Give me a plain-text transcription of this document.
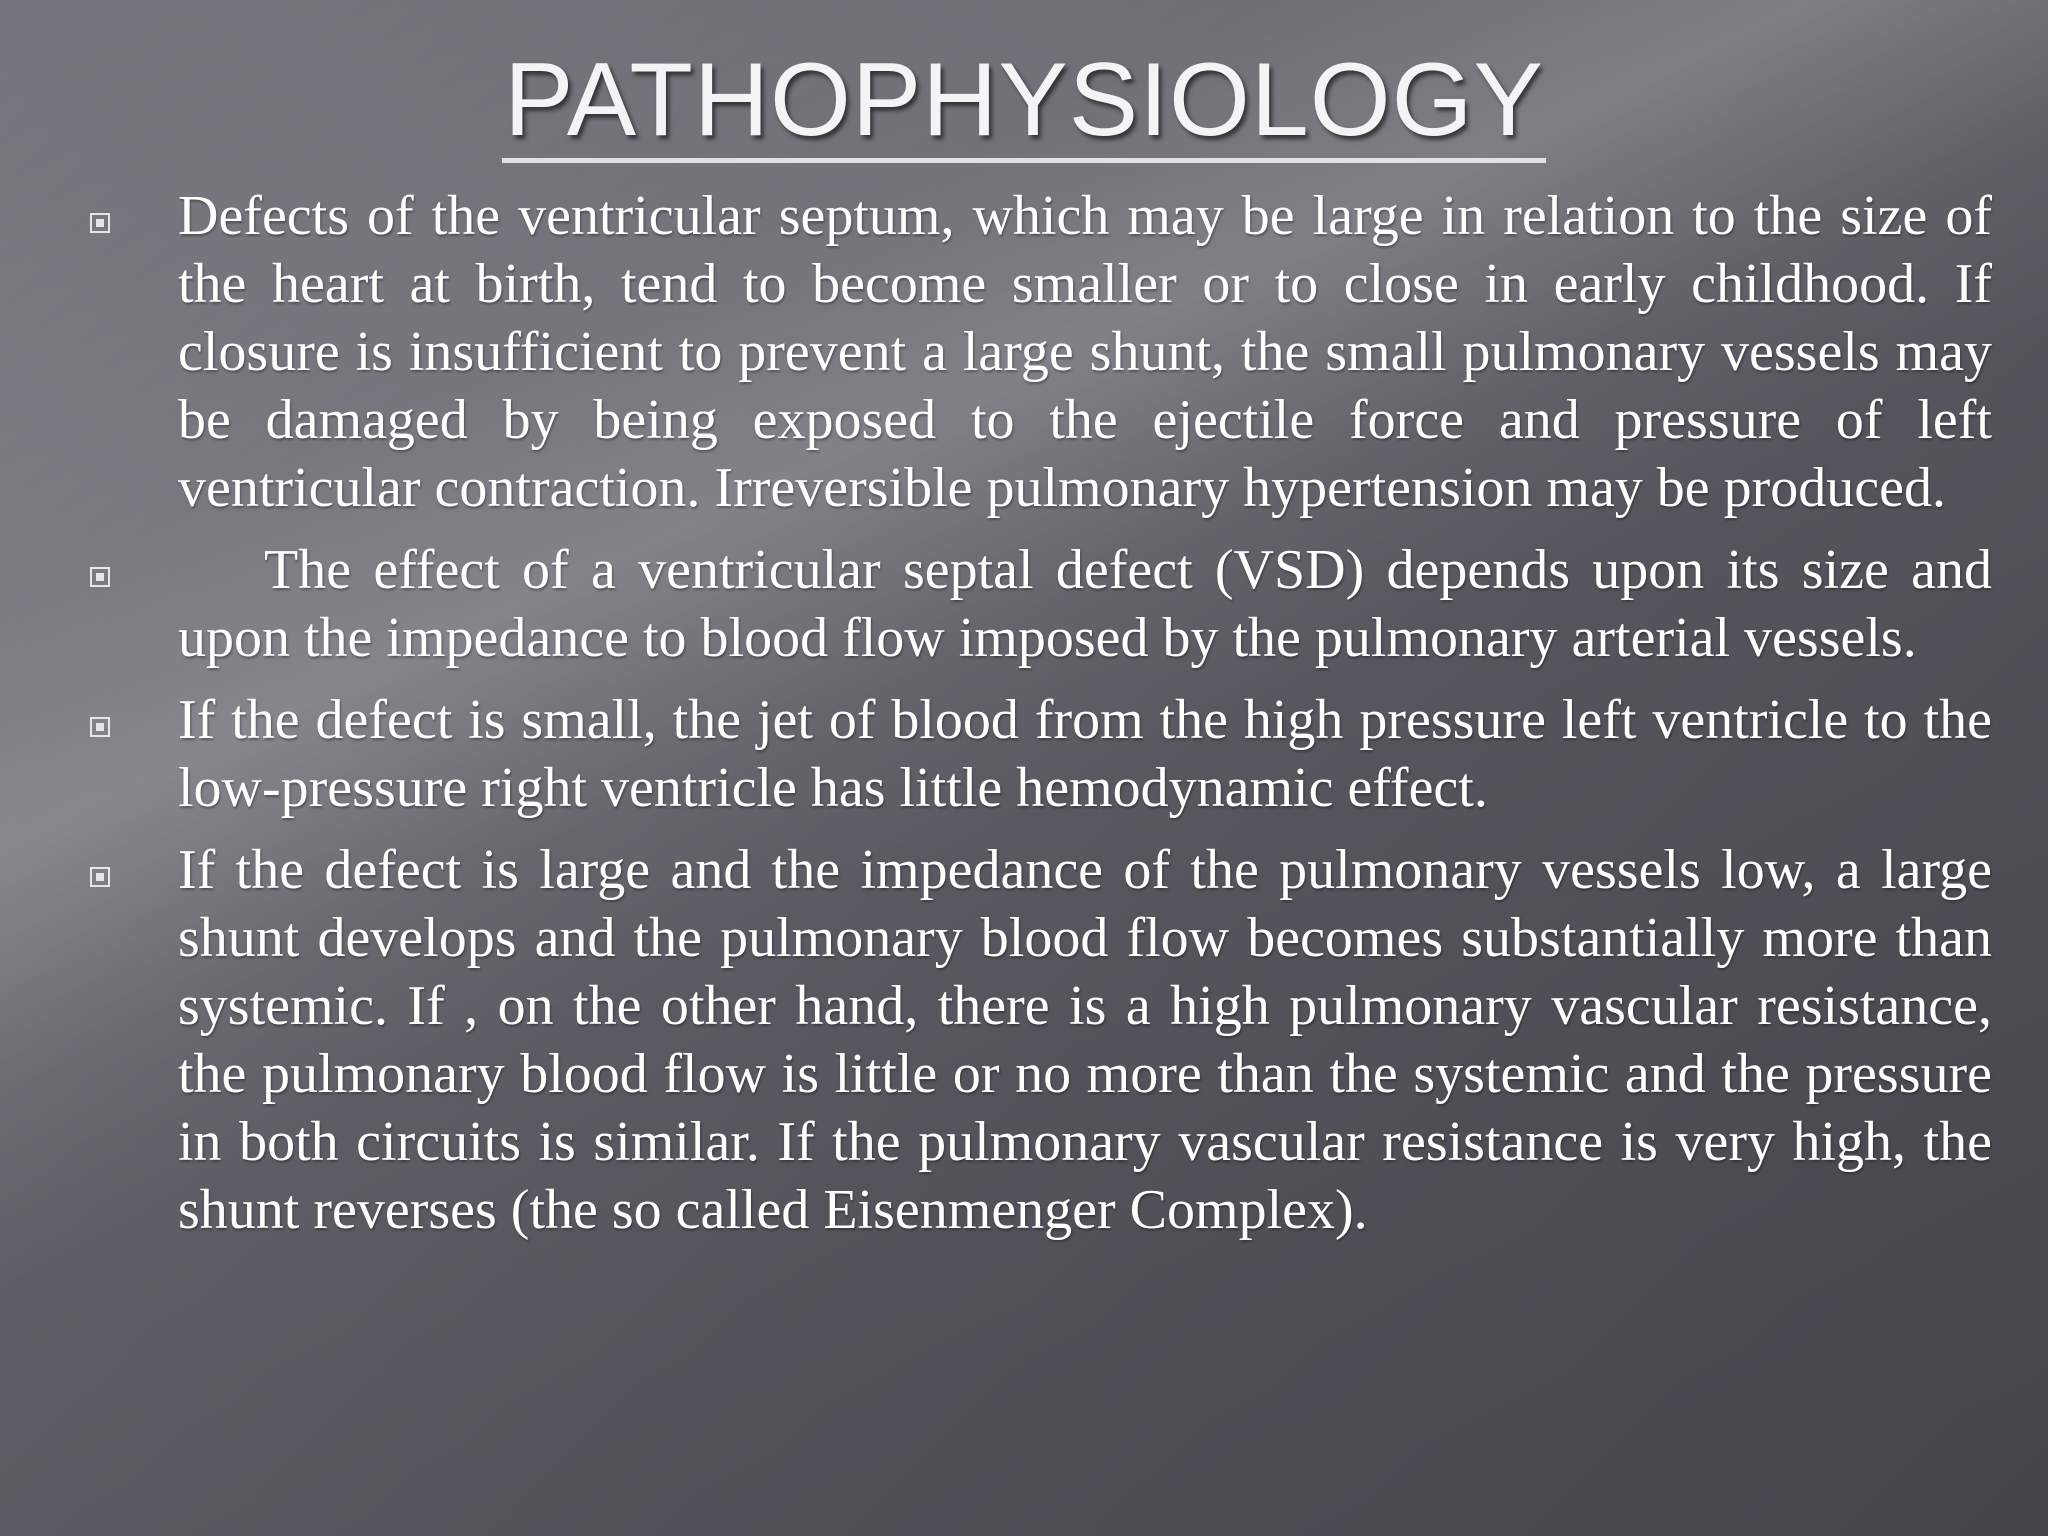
PATHOPHYSIOLOGY
Defects of the ventricular septum, which may be large in relation to the size of the heart at birth, tend to become smaller or to close in early childhood. If closure is insufficient to prevent a large shunt, the small pulmonary vessels may be damaged by being exposed to the ejectile force and pressure of left ventricular contraction. Irreversible pulmonary hypertension may be produced.
The effect of a ventricular septal defect (VSD) depends upon its size and upon the impedance to blood flow imposed by the pulmonary arterial vessels.
If the defect is small, the jet of blood from the high pressure left ventricle to the low-pressure right ventricle has little hemodynamic effect.
If the defect is large and the impedance of the pulmonary vessels low, a large shunt develops and the pulmonary blood flow becomes substantially more than systemic. If , on the other hand, there is a high pulmonary vascular resistance, the pulmonary blood flow is little or no more than the systemic and the pressure in both circuits is similar. If the pulmonary vascular resistance is very high, the shunt reverses (the so called Eisenmenger Complex).
